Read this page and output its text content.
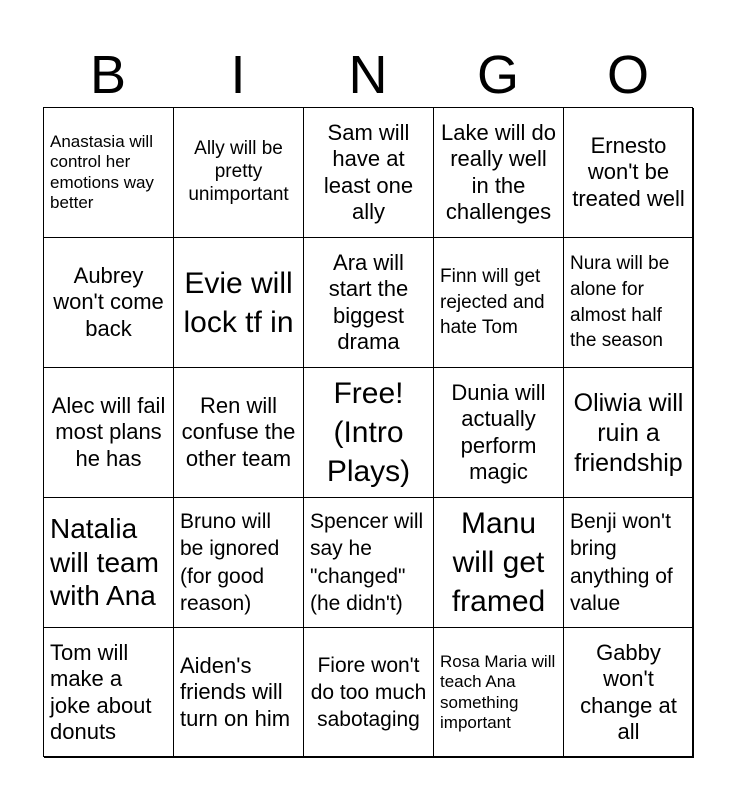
B	I	N	G	O
Anastasia will control her emotions way better
Ally will be pretty unimportant
Sam will have at least one ally
Lake will do really well in the challenges
Ernesto won't be treated well
Aubrey won't come back
Evie will lock tf in
Ara will start the biggest drama
Finn will get rejected and hate Tom
Nura will be alone for almost half the season
Alec will fail most plans he has
Ren will confuse the other team
Free! (Intro Plays)
Dunia will actually perform magic
Oliwia will ruin a friendship
Natalia will team with Ana
Bruno will be ignored (for good reason)
Spencer will say he "changed" (he didn't)
Manu will get framed
Benji won't bring anything of value
Tom will make a joke about donuts
Aiden's friends will turn on him
Fiore won't do too much sabotaging
Rosa Maria will teach Ana something important
Gabby won't change at all
